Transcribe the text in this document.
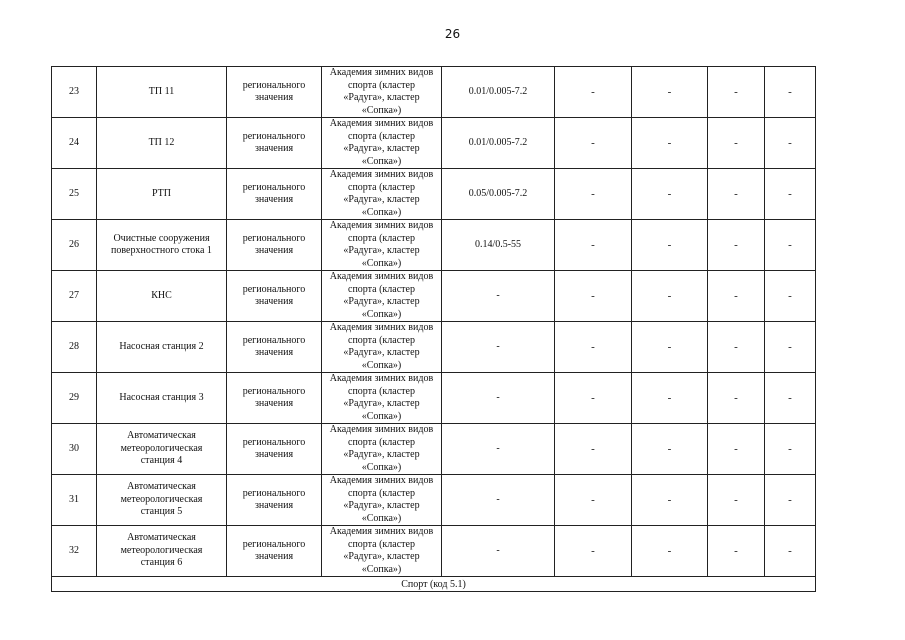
26
23	ТП 11	регионального
значения	Академия зимних видов
спорта (кластер
«Радуга», кластер
«Сопка»)	0.01/0.005-7.2	-	-	-	-

24	ТП 12	регионального
значения	Академия зимних видов
спорта (кластер
«Радуга», кластер
«Сопка»)	0.01/0.005-7.2	-	-	-	-

25	РТП	регионального
значения	Академия зимних видов
спорта (кластер
«Радуга», кластер
«Сопка»)	0.05/0.005-7.2	-	-	-	-

26	Очистные сооружения
поверхностного стока 1	регионального
значения	Академия зимних видов
спорта (кластер
«Радуга», кластер
«Сопка»)	0.14/0.5-55	-	-	-	-

27	КНС	регионального
значения	Академия зимних видов
спорта (кластер
«Радуга», кластер
«Сопка»)	-	-	-	-	-

28	Насосная станция 2	регионального
значения	Академия зимних видов
спорта (кластер
«Радуга», кластер
«Сопка»)	-	-	-	-	-

29	Насосная станция 3	регионального
значения	Академия зимних видов
спорта (кластер
«Радуга», кластер
«Сопка»)	-	-	-	-	-

30	Автоматическая
метеорологическая
станция 4	регионального
значения	Академия зимних видов
спорта (кластер
«Радуга», кластер
«Сопка»)	-	-	-	-	-

31	Автоматическая
метеорологическая
станция 5	регионального
значения	Академия зимних видов
спорта (кластер
«Радуга», кластер
«Сопка»)	-	-	-	-	-

32	Автоматическая
метеорологическая
станция 6	регионального
значения	Академия зимних видов
спорта (кластер
«Радуга», кластер
«Сопка»)	-	-	-	-	-

Спорт (код 5.1)								
